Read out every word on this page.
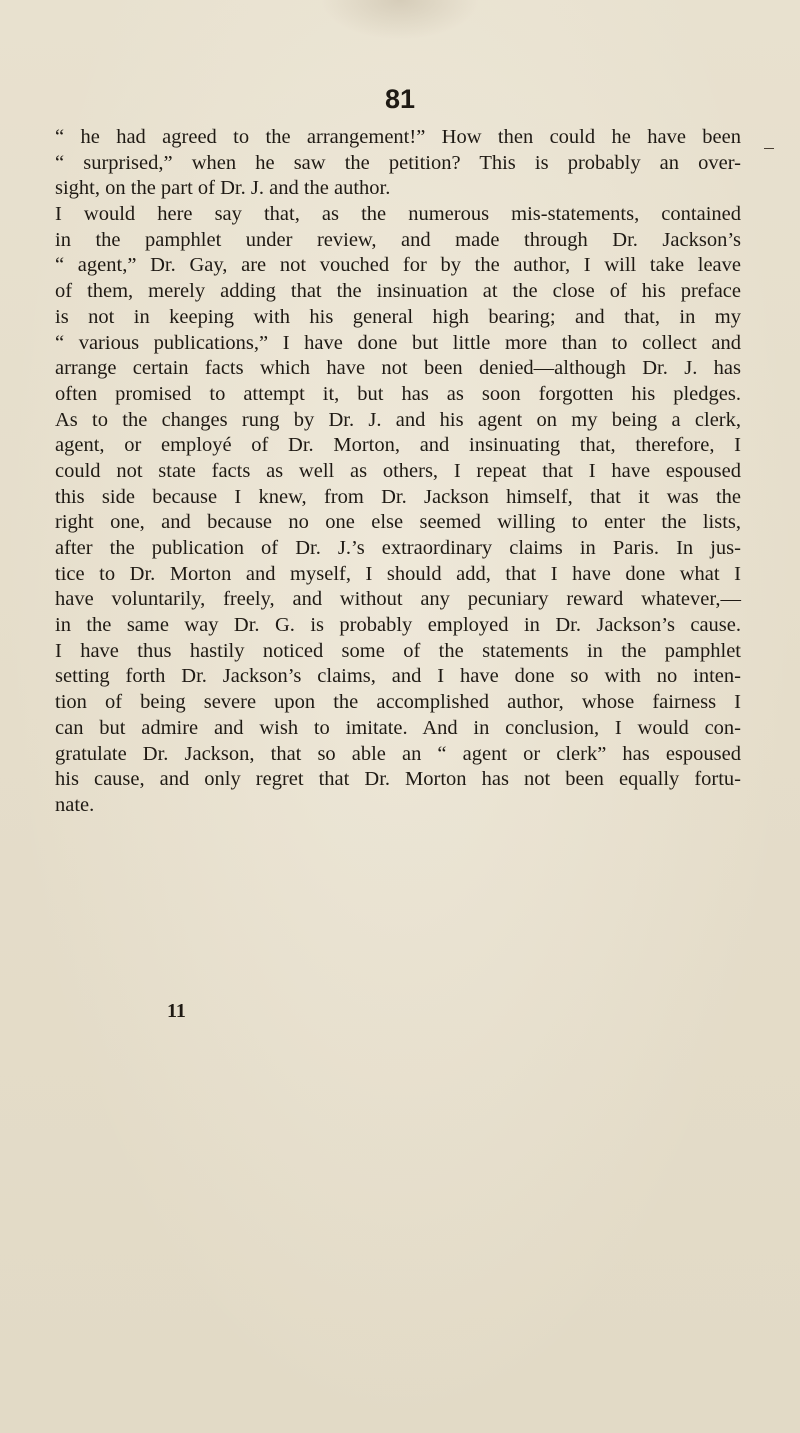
81
“ he had agreed to the arrangement!” How then could he have been
“ surprised,” when he saw the petition? This is probably an over-
sight, on the part of Dr. J. and the author.
I would here say that, as the numerous mis-statements, contained
in the pamphlet under review, and made through Dr. Jackson’s
“ agent,” Dr. Gay, are not vouched for by the author, I will take leave
of them, merely adding that the insinuation at the close of his preface
is not in keeping with his general high bearing; and that, in my
“ various publications,” I have done but little more than to collect and
arrange certain facts which have not been denied—although Dr. J. has
often promised to attempt it, but has as soon forgotten his pledges.
As to the changes rung by Dr. J. and his agent on my being a clerk,
agent, or employé of Dr. Morton, and insinuating that, therefore, I
could not state facts as well as others, I repeat that I have espoused
this side because I knew, from Dr. Jackson himself, that it was the
right one, and because no one else seemed willing to enter the lists,
after the publication of Dr. J.’s extraordinary claims in Paris. In jus-
tice to Dr. Morton and myself, I should add, that I have done what I
have voluntarily, freely, and without any pecuniary reward whatever,—
in the same way Dr. G. is probably employed in Dr. Jackson’s cause.
I have thus hastily noticed some of the statements in the pamphlet
setting forth Dr. Jackson’s claims, and I have done so with no inten-
tion of being severe upon the accomplished author, whose fairness I
can but admire and wish to imitate. And in conclusion, I would con-
gratulate Dr. Jackson, that so able an “ agent or clerk” has espoused
his cause, and only regret that Dr. Morton has not been equally fortu-
nate.
11
